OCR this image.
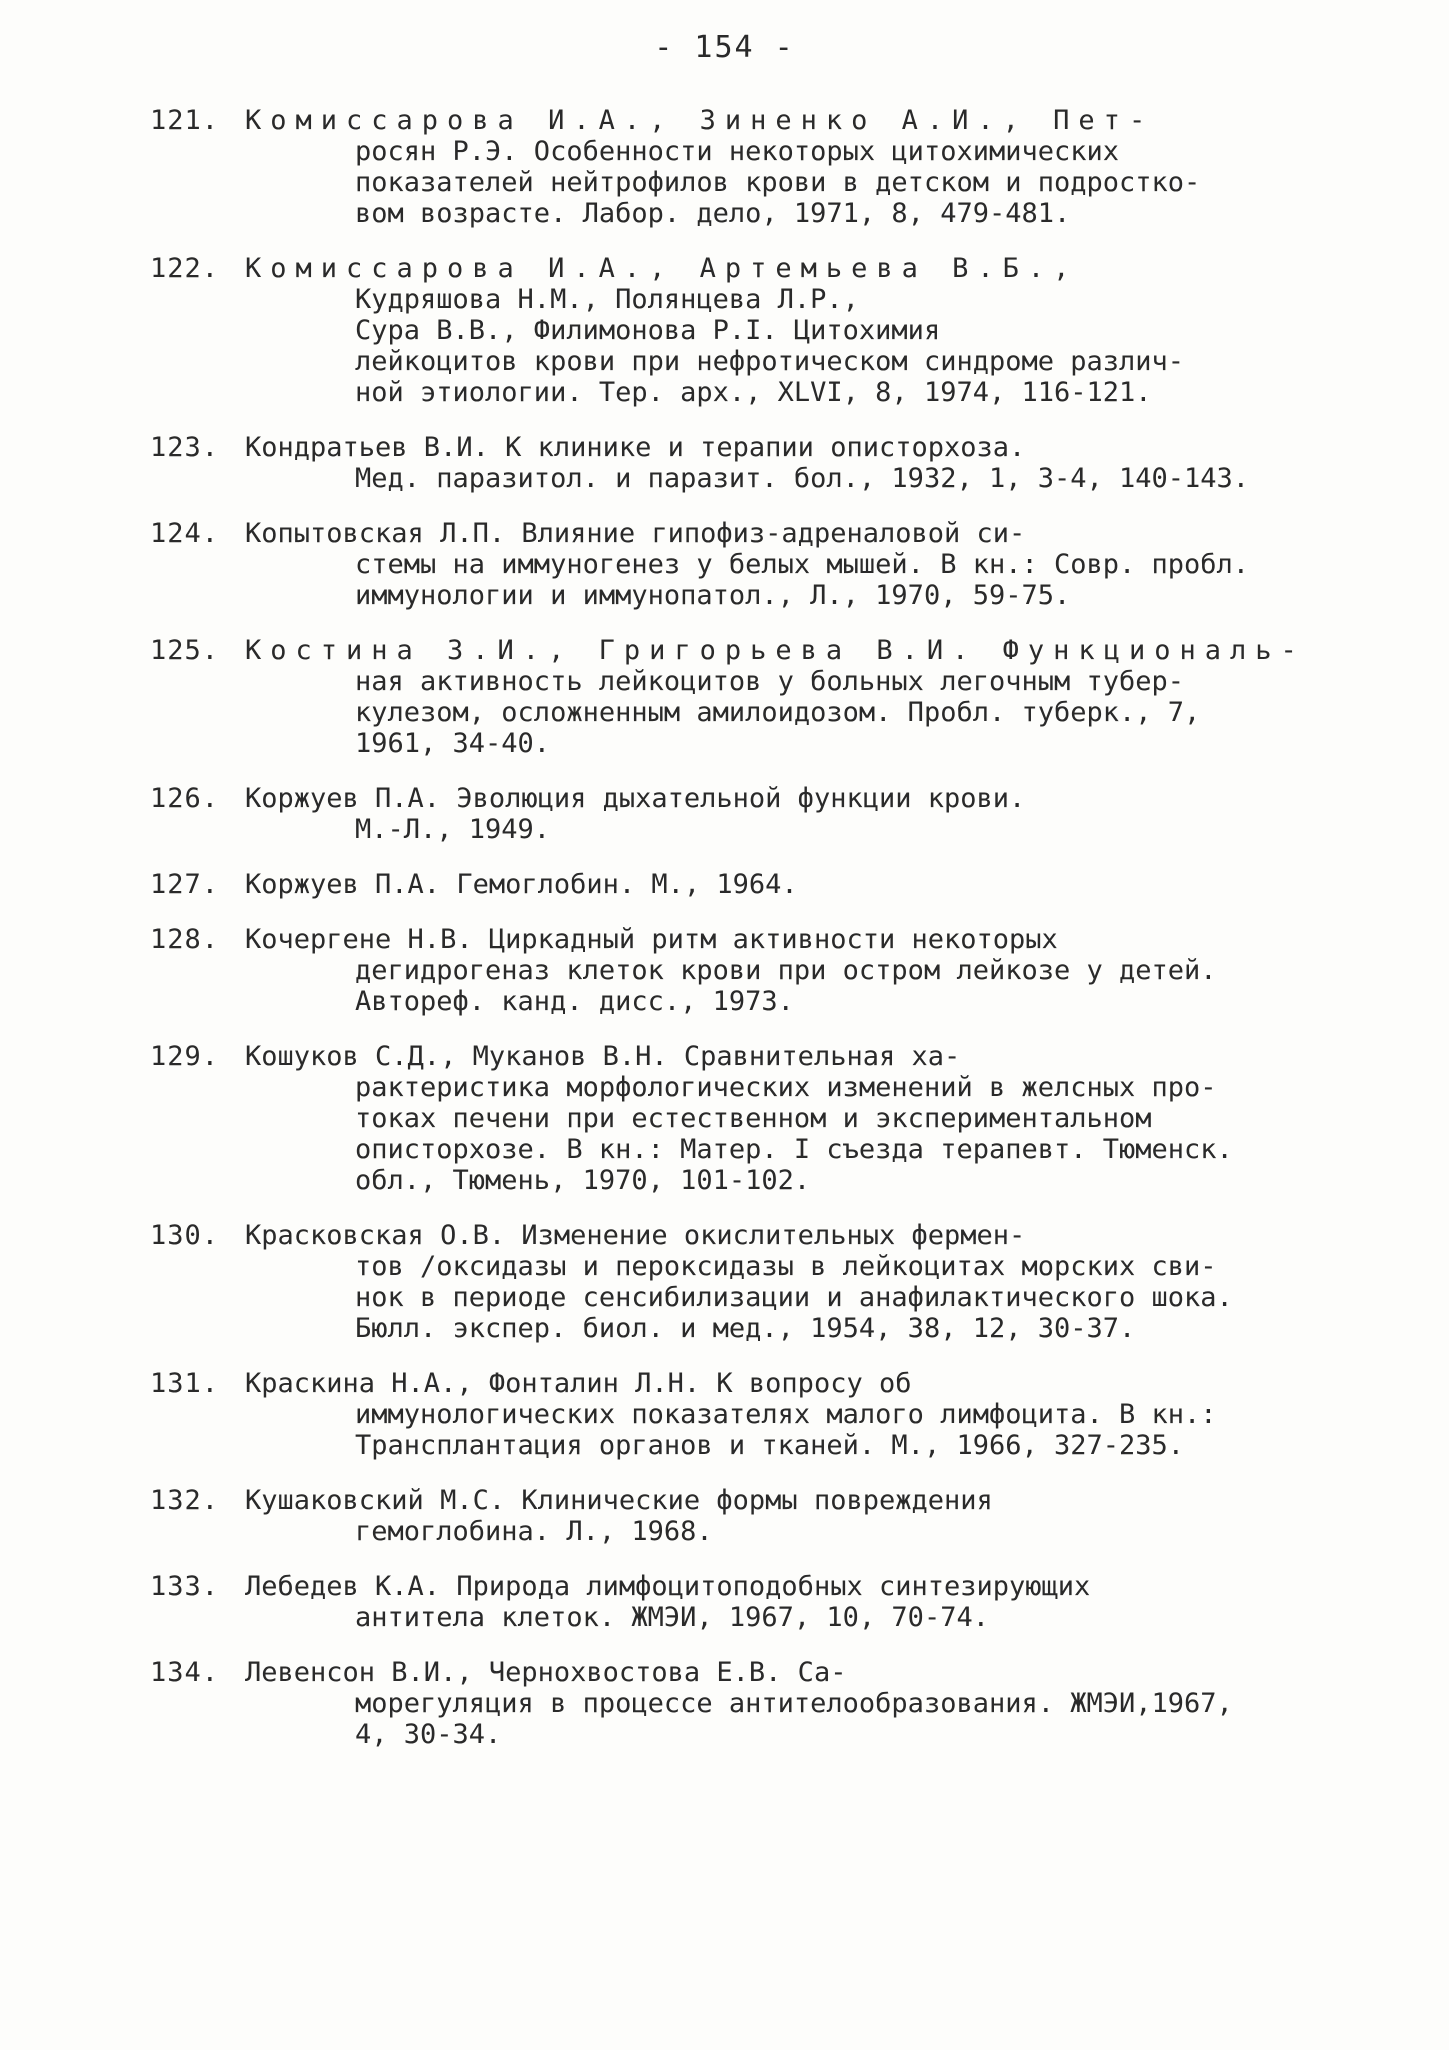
- 154 -
121. Комиссарова И.А., Зиненко А.И., Пет-
росян Р.Э. Особенности некоторых цитохимических
показателей нейтрофилов крови в детском и подростко-
вом возрасте. Лабор. дело, 1971, 8, 479-481.
122. Комиссарова И.А., Артемьева В.Б.,
Кудряшова Н.М., Полянцева Л.Р.,
Сура В.В., Филимонова Р.I. Цитохимия
лейкоцитов крови при нефротическом синдроме различ-
ной этиологии. Тер. арх., XLVI, 8, 1974, 116-121.
123. Кондратьев В.И. К клинике и терапии описторхоза.
Мед. паразитол. и паразит. бол., 1932, 1, 3-4, 140-143.
124. Копытовская Л.П. Влияние гипофиз-адреналовой си-
стемы на иммуногенез у белых мышей. В кн.: Совр. пробл.
иммунологии и иммунопатол., Л., 1970, 59-75.
125. Костина З.И., Григорьева В.И. Функциональ-
ная активность лейкоцитов у больных легочным тубер-
кулезом, осложненным амилоидозом. Пробл. туберк., 7,
1961, 34-40.
126. Коржуев П.А. Эволюция дыхательной функции крови.
М.-Л., 1949.
127. Коржуев П.А. Гемоглобин. М., 1964.
128. Кочергене Н.В. Циркадный ритм активности некоторых
дегидрогеназ клеток крови при остром лейкозе у детей.
Автореф. канд. дисс., 1973.
129. Кошуков С.Д., Муканов В.Н. Сравнительная ха-
рактеристика морфологических изменений в желсных про-
токах печени при естественном и экспериментальном
описторхозе. В кн.: Матер. I съезда терапевт. Тюменск.
обл., Тюмень, 1970, 101-102.
130. Красковская О.В. Изменение окислительных фермен-
тов /оксидазы и пероксидазы в лейкоцитах морских сви-
нок в периоде сенсибилизации и анафилактического шока.
Бюлл. экспер. биол. и мед., 1954, 38, 12, 30-37.
131. Краскина Н.А., Фонталин Л.Н. К вопросу об
иммунологических показателях малого лимфоцита. В кн.:
Трансплантация органов и тканей. М., 1966, 327-235.
132. Кушаковский М.С. Клинические формы повреждения
гемоглобина. Л., 1968.
133. Лебедев К.А. Природа лимфоцитоподобных синтезирующих
антитела клеток. ЖМЭИ, 1967, 10, 70-74.
134. Левенсон В.И., Чернохвостова Е.В. Са-
морегуляция в процессе антителообразования. ЖМЭИ,1967,
4, 30-34.
